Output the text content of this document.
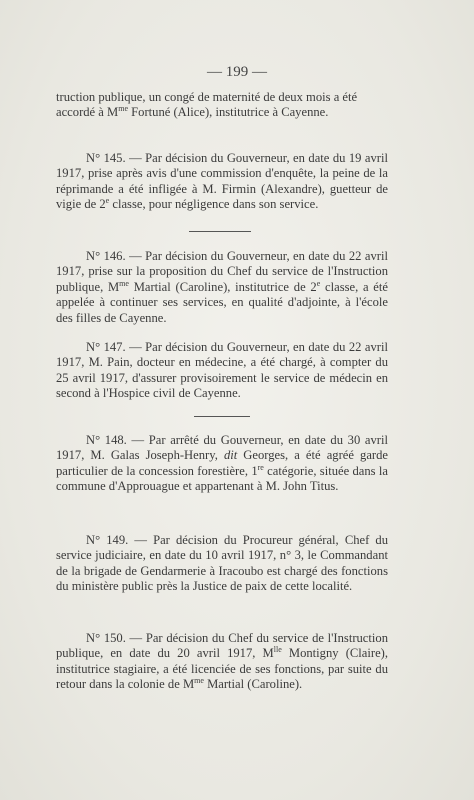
— 199 —

truction publique, un congé de maternité de deux mois a été
accordé à $M^{me}$ Fortuné (Alice), institutrice à Cayenne.

N° 145. — Par décision du Gouverneur, en date du 19 avril 1917, prise après avis d'une commission d'enquête, la peine de la réprimande a été infligée à M. Firmin (Alexandre), guetteur de vigie de 2e classe, pour négligence dans son service.

N° 146. — Par décision du Gouverneur, en date du 22 avril 1917, prise sur la proposition du Chef du service de l'Instruction publique, $M^{me}$ Martial (Caroline), institutrice de 2e classe, a été appelée à continuer ses services, en qualité d'adjointe, à l'école des filles de Cayenne.

N° 147. — Par décision du Gouverneur, en date du 22 avril 1917, M. Pain, docteur en médecine, a été chargé, à compter du 25 avril 1917, d'assurer provisoirement le service de médecin en second à l'Hospice civil de Cayenne.

N° 148. — Par arrêté du Gouverneur, en date du 30 avril 1917, M. Galas Joseph-Henry, dit Georges, a été agréé garde particulier de la concession forestière, 1re catégorie, située dans la commune d'Approuague et appartenant à M. John Titus.

N° 149. — Par décision du Procureur général, Chef du service judiciaire, en date du 10 avril 1917, n° 3, le Commandant de la brigade de Gendarmerie à Iracoubo est chargé des fonctions du ministère public près la Justice de paix de cette localité.

N° 150. — Par décision du Chef du service de l'Instruction publique, en date du 20 avril 1917, $M^{lle}$ Montigny (Claire), institutrice stagiaire, a été licenciée de ses fonctions, par suite du retour dans la colonie de $M^{me}$ Martial (Caroline).
